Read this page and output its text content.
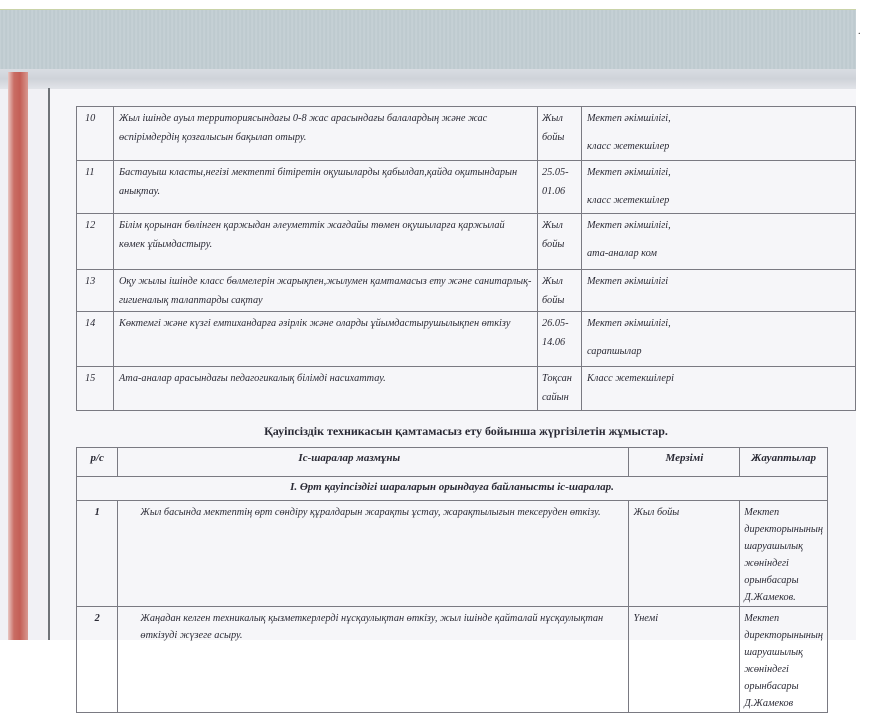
.
10	Жыл ішінде ауыл территориясындағы 0-8 жас арасындағы балалардың және жас өспірімдердің қозғалысын бақылап отыру.	Жыл бойы	Мектеп әкімшілігі,
класс жетекшілер

11	Бастауыш класты,негізі мектепті бітіретін оқушыларды қабылдап,қайда оқитындарын анықтау.	25.05-01.06	Мектеп әкімшілігі,
класс жетекшілер

12	Білім қорынан бөлінген қаржыдан әлеуметтік жағдайы төмен оқушыларға қаржылай көмек ұйымдастыру.	Жыл бойы	Мектеп әкімшілігі,
ата-аналар ком

13	Оқу жылы ішінде класс бөлмелерін жарықпен,жылумен қамтамасыз ету және санитарлық- гигиеналық талаптарды сақтау	Жыл бойы	Мектеп әкімшілігі
14	Көктемгі және күзгі емтихандарға әзірлік және оларды ұйымдастырушылықпен өткізу	26.05-14.06	Мектеп әкімшілігі,
сарапшылар

15	Ата-аналар арасындағы педагогикалық білімді насихаттау.	Тоқсан сайын	Класс жетекшілері
Қауіпсіздік техникасын қамтамасыз ету бойынша жүргізілетін жұмыстар.
р/с	Іс-шаралар мазмұны	Мерзімі	Жауаптылар
І. Өрт қауіпсіздігі шараларын орындауға байланысты іс-шаралар.			
1	Жыл басында мектептің өрт сөндіру құралдарын жарақты ұстау, жарақтылығын тексеруден өткізу.	Жыл бойы	Мектеп директорынының шаруашылық жөніндегі орынбасары Д.Жамеков.
2	Жаңадан келген техникалық қызметкерлерді нұсқаулықтан өткізу, жыл ішінде қайталай нұсқаулықтан өткізуді жүзеге асыру.	Үнемі	Мектеп директорынының шаруашылық жөніндегі орынбасары Д.Жамеков
